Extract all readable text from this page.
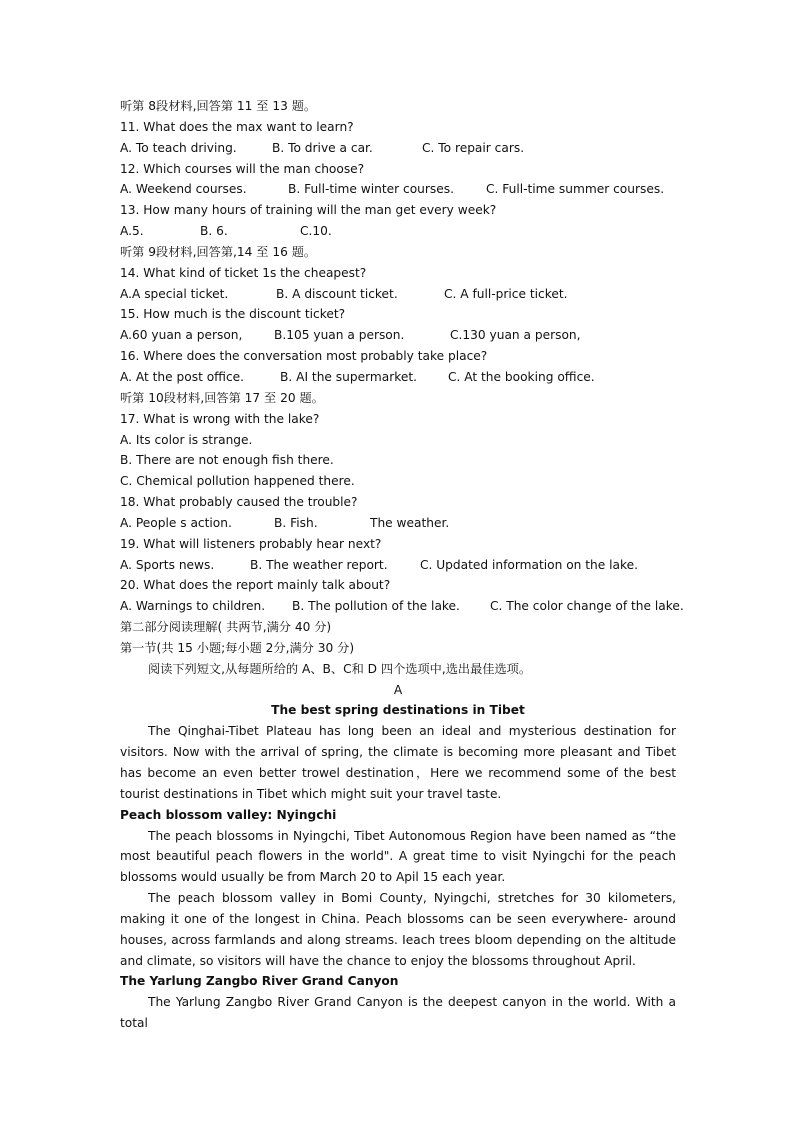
听第 8段材料,回答第 11 至 13 题。
11. What does the max want to learn?
A. To teach driving.	B. To drive a car.	C. To repair cars.
12. Which courses will the man choose?
A. Weekend courses.	B. Full-time winter courses.	C. Full-time summer courses.
13. How many hours of training will the man get every week?
A.5.	B. 6.	C.10.
听第 9段材料,回答第,14 至 16 题。
14. What kind of ticket 1s the cheapest?
A.A special ticket.	B. A discount ticket.	C. A full-price ticket.
15. How much is the discount ticket?
A.60 yuan a person,	B.105 yuan a person.	C.130 yuan a person,
16. Where does the conversation most probably take place?
A. At the post office.	B. AI the supermarket.	C. At the booking office.
听第 10段材料,回答第 17 至 20 题。
17. What is wrong with the lake?
A. Its color is strange.
B. There are not enough fish there.
C. Chemical pollution happened there.
18. What probably caused the trouble?
A. People s action.	B. Fish.	The weather.
19. What will listeners probably hear next?
A. Sports news.	B. The weather report.	C. Updated information on the lake.
20. What does the report mainly talk about?
A. Warnings to children. B. The pollution of the lake. C. The color change of the lake.
第二部分阅读理解( 共两节,满分 40 分)
第一节(共 15 小题;每小题 2分,满分 30 分)
阅读下列短文,从每题所给的 A、B、C和 D 四个选项中,选出最佳选项。
A
The best spring destinations in Tibet
The Qinghai-Tibet Plateau has long been an ideal and mysterious destination for visitors. Now with the arrival of spring, the climate is becoming more pleasant and Tibet has become an even better trowel destination，Here we recommend some of the best tourist destinations in Tibet which might suit your travel taste.
Peach blossom valley: Nyingchi
The peach blossoms in Nyingchi, Tibet Autonomous Region have been named as “the most beautiful peach flowers in the world". A great time to visit Nyingchi for the peach blossoms would usually be from March 20 to Apil 15 each year.
The peach blossom valley in Bomi County, Nyingchi, stretches for 30 kilometers, making it one of the longest in China. Peach blossoms can be seen everywhere- around houses, across farmlands and along streams. Ieach trees bloom depending on the altitude and climate, so visitors will have the chance to enjoy the blossoms throughout April.
The Yarlung Zangbo River Grand Canyon
The Yarlung Zangbo River Grand Canyon is the deepest canyon in the world. With a total
